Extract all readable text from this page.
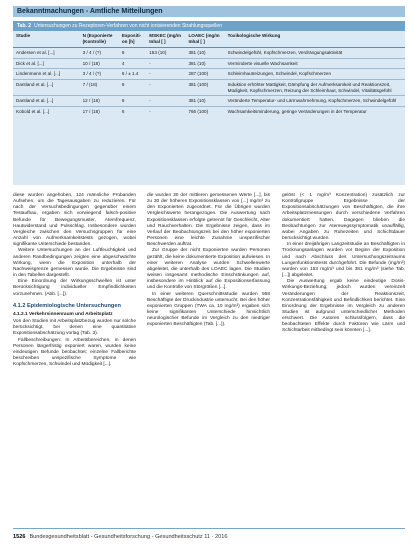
Bekanntmachungen - Amtliche Mitteilungen
Tab. 2 Untersuchungen zu Rezeptoren-Verfahren von nicht ionisierenden Strahlungsquellen
Studie	N (Exponierte (Kontrolle)	Expositi-on [h]	MSKEC (mg/m Inhal [ ]	LOAEC (mg/m Inhal [ ]	Toxikologische Wirkung
Andersen et al. [...]	3 / 4 / (?)	6	153 (10)	381 (10)	Schwindelgefühl, Kopfschmerzen, Verdrängungsaktivität
Dick et al. [...]	10 / (18)	4	-	381 (10)	Verminderte visuelle Wachsamkeit
Lindenmann et al. [...]	3 / 4 / (?)	6 / ± 1.4	-	287 (100)	Schleimhautreizungen, Schwindel, Kopfschmerzen
Dantland et al. [...]	7 / (18)	6	-	381 (100)	Induktion erhöhter Mattigkeit, Dämpfung der Aufmerksamkeit und Reaktionszeit, Müdigkeit, Kopfschmerzen, Reizung der Schleimhaut, Schwindel, Vitalitätsgefühl
Dantland et al. [...]	12 / (18)	6	-	381 (10)	Veränderte Temperatur- und Lärmwahrnehmung, Kopfschmerzen, Schwindelgefühl
Kobold et al. [...]	17 / (18)	6	-	766 (100)	Wachsamkeitsminderung, geringe Veränderungen in der Temperatur

diese wurden angehoben, 124 männliche Probanden Aufsehen, um die Tagesausgaben zu reduzieren. Für nach der Versuchsbedingungen gegenüber einem Testaufbau, ergaben sich vorwiegend falsch-positive Befunde für Bewegungsmuster, Atemfrequenz, Hautwiderstand und Pulsschlag. Insbesondere wurden Vergleiche zwischen den Versuchsgruppen für eine Anzahl von Aufmerksamkeitstests gezogen, wobei signifikante Unterschiede bestanden.

Weitere Untersuchungen an der Luftfeuchtigkeit und anderen Randbedingungen zeigten eine abgeschwächte Wirkung, wenn die Exposition unterhalb der Nachweisgrenze gemessen wurde. Die Ergebnisse sind in den Tabellen dargestellt.

Eine Einordnung der Wirkungsschwellen ist unter Berücksichtigung individueller Empfindlichkeiten vorzunehmen. (Abb. [...]).

4.1.2 Epidemiologische Untersuchungen
4.1.2.1 Verkehrsinnenraum und Arbeitsplatz

Von den Studien mit Arbeitsplatzbezug wurden nur solche berücksichtigt, bei denen eine quantitative Expositionsabschätzung vorlag (Tab. 3).

Fallbeschreibungen: In Arbeitsbereichen, in denen Personen längerfristig exponiert waren, wurden keine eindeutigen Befunde beobachtet; einzelne Fallberichte beschreiben unspezifische Symptome wie Kopfschmerzen, Schwindel und Müdigkeit [...].

die wurden 30 der mittleren gemessenen Werte [...], bis zu 30 der höheren Expositionsklassen von [...] mg/m³ zu den Exponierten zugeordnet. Für die Übrigen wurden Vergleichswerte herangezogen. Die Auswertung nach Expositionsklassen erfolgte getrennt für Geschlecht, Alter und Rauchverhalten. Die Ergebnisse zeigen, dass im Verlauf der Beobachtungszeit bei den höher exponierten Personen eine leichte Zunahme unspezifischer Beschwerden auftrat.

Zur Gruppe der nicht Exponierten wurden Personen gezählt, die keine dokumentierte Exposition aufwiesen. In einer weiteren Analyse wurden Schwellenwerte abgeleitet, die unterhalb des LOAEC lagen. Die Studien weisen insgesamt methodische Einschränkungen auf, insbesondere im Hinblick auf die Expositionserfassung und die Kontrolle von Störgrößen [...].

In einer weiteren Querschnittsstudie wurden 958 Beschäftigte der Druckindustrie untersucht. Bei den höher exponierten Gruppen (TWA ca. 10 mg/m³) ergaben sich keine signifikanten Unterschiede hinsichtlich neurologischer Befunde im Vergleich zu den niedriger exponierten Beschäftigten (Tab. [...]).

gelöst (< 1 mg/m³ Konzentration) zusätzlich zur Kontrollgruppe Ergebnisse der Expositionsabschätzungen von Beschäftigten, die ihre Arbeitsplatzmessungen durch verschiedene Verfahren dokumentiert hatten. Dagegen blieben die Beobachtungen zur Atemwegssymptomatik unauffällig, wobei Angaben zu Ruhezeiten und Schichtdauer berücksichtigt wurden.

In einer dreijährigen Langzeitstudie an Beschäftigten in Trocknungsanlagen wurden vor Beginn der Exposition und nach Abschluss des Untersuchungszeitraums Lungenfunktionstests durchgeführt. Die Befunde (mg/m³) wurden von 153 mg/m³ und bis 381 mg/m³ (siehe Tab. [...]) abgeleitet.

Die Auswertung ergab keine eindeutige Dosis-Wirkungs-Beziehung; jedoch wurden vereinzelt Veränderungen der Reaktionszeit, Konzentrationsfähigkeit und Befindlichkeit berichtet. Eine Einordnung der Ergebnisse im Vergleich zu anderen Studien ist aufgrund unterschiedlicher Methoden erschwert. Die Autoren schlussfolgern, dass die beobachteten Effekte durch Faktoren wie Lärm und Schichtarbeit mitbedingt sein könnten [...].

1526 Bundesgesundheitsblatt - Gesundheitsforschung - Gesundheitsschutz 11 · 2016
